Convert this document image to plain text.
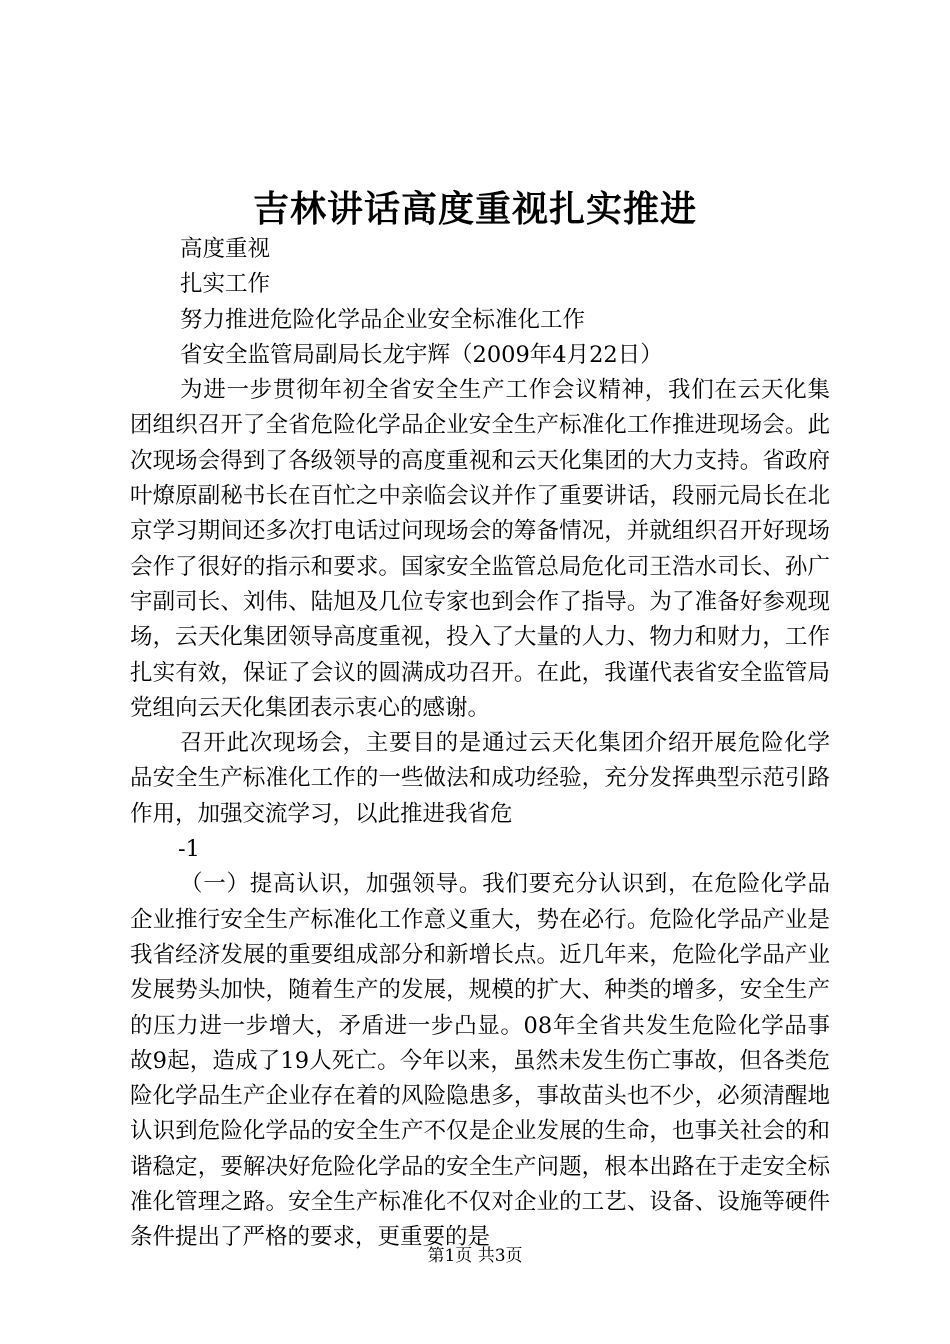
吉林讲话高度重视扎实推进
高度重视
扎实工作
努力推进危险化学品企业安全标准化工作
省安全监管局副局长龙宇辉（2009年4月22日）

为进一步贯彻年初全省安全生产工作会议精神，我们在云天化集团组织召开了全省危险化学品企业安全生产标准化工作推进现场会。此次现场会得到了各级领导的高度重视和云天化集团的大力支持。省政府叶燎原副秘书长在百忙之中亲临会议并作了重要讲话，段丽元局长在北京学习期间还多次打电话过问现场会的筹备情况，并就组织召开好现场会作了很好的指示和要求。国家安全监管总局危化司王浩水司长、孙广宇副司长、刘伟、陆旭及几位专家也到会作了指导。为了准备好参观现场，云天化集团领导高度重视，投入了大量的人力、物力和财力，工作扎实有效，保证了会议的圆满成功召开。在此，我谨代表省安全监管局党组向云天化集团表示衷心的感谢。

召开此次现场会，主要目的是通过云天化集团介绍开展危险化学品安全生产标准化工作的一些做法和成功经验，充分发挥典型示范引路作用，加强交流学习，以此推进我省危

-1

（一）提高认识，加强领导。我们要充分认识到，在危险化学品企业推行安全生产标准化工作意义重大，势在必行。危险化学品产业是我省经济发展的重要组成部分和新增长点。近几年来，危险化学品产业发展势头加快，随着生产的发展，规模的扩大、种类的增多，安全生产的压力进一步增大，矛盾进一步凸显。08年全省共发生危险化学品事故9起，造成了19人死亡。今年以来，虽然未发生伤亡事故，但各类危险化学品生产企业存在着的风险隐患多，事故苗头也不少，必须清醒地认识到危险化学品的安全生产不仅是企业发展的生命，也事关社会的和谐稳定，要解决好危险化学品的安全生产问题，根本出路在于走安全标准化管理之路。安全生产标准化不仅对企业的工艺、设备、设施等硬件条件提出了严格的要求，更重要的是

第1页 共3页
